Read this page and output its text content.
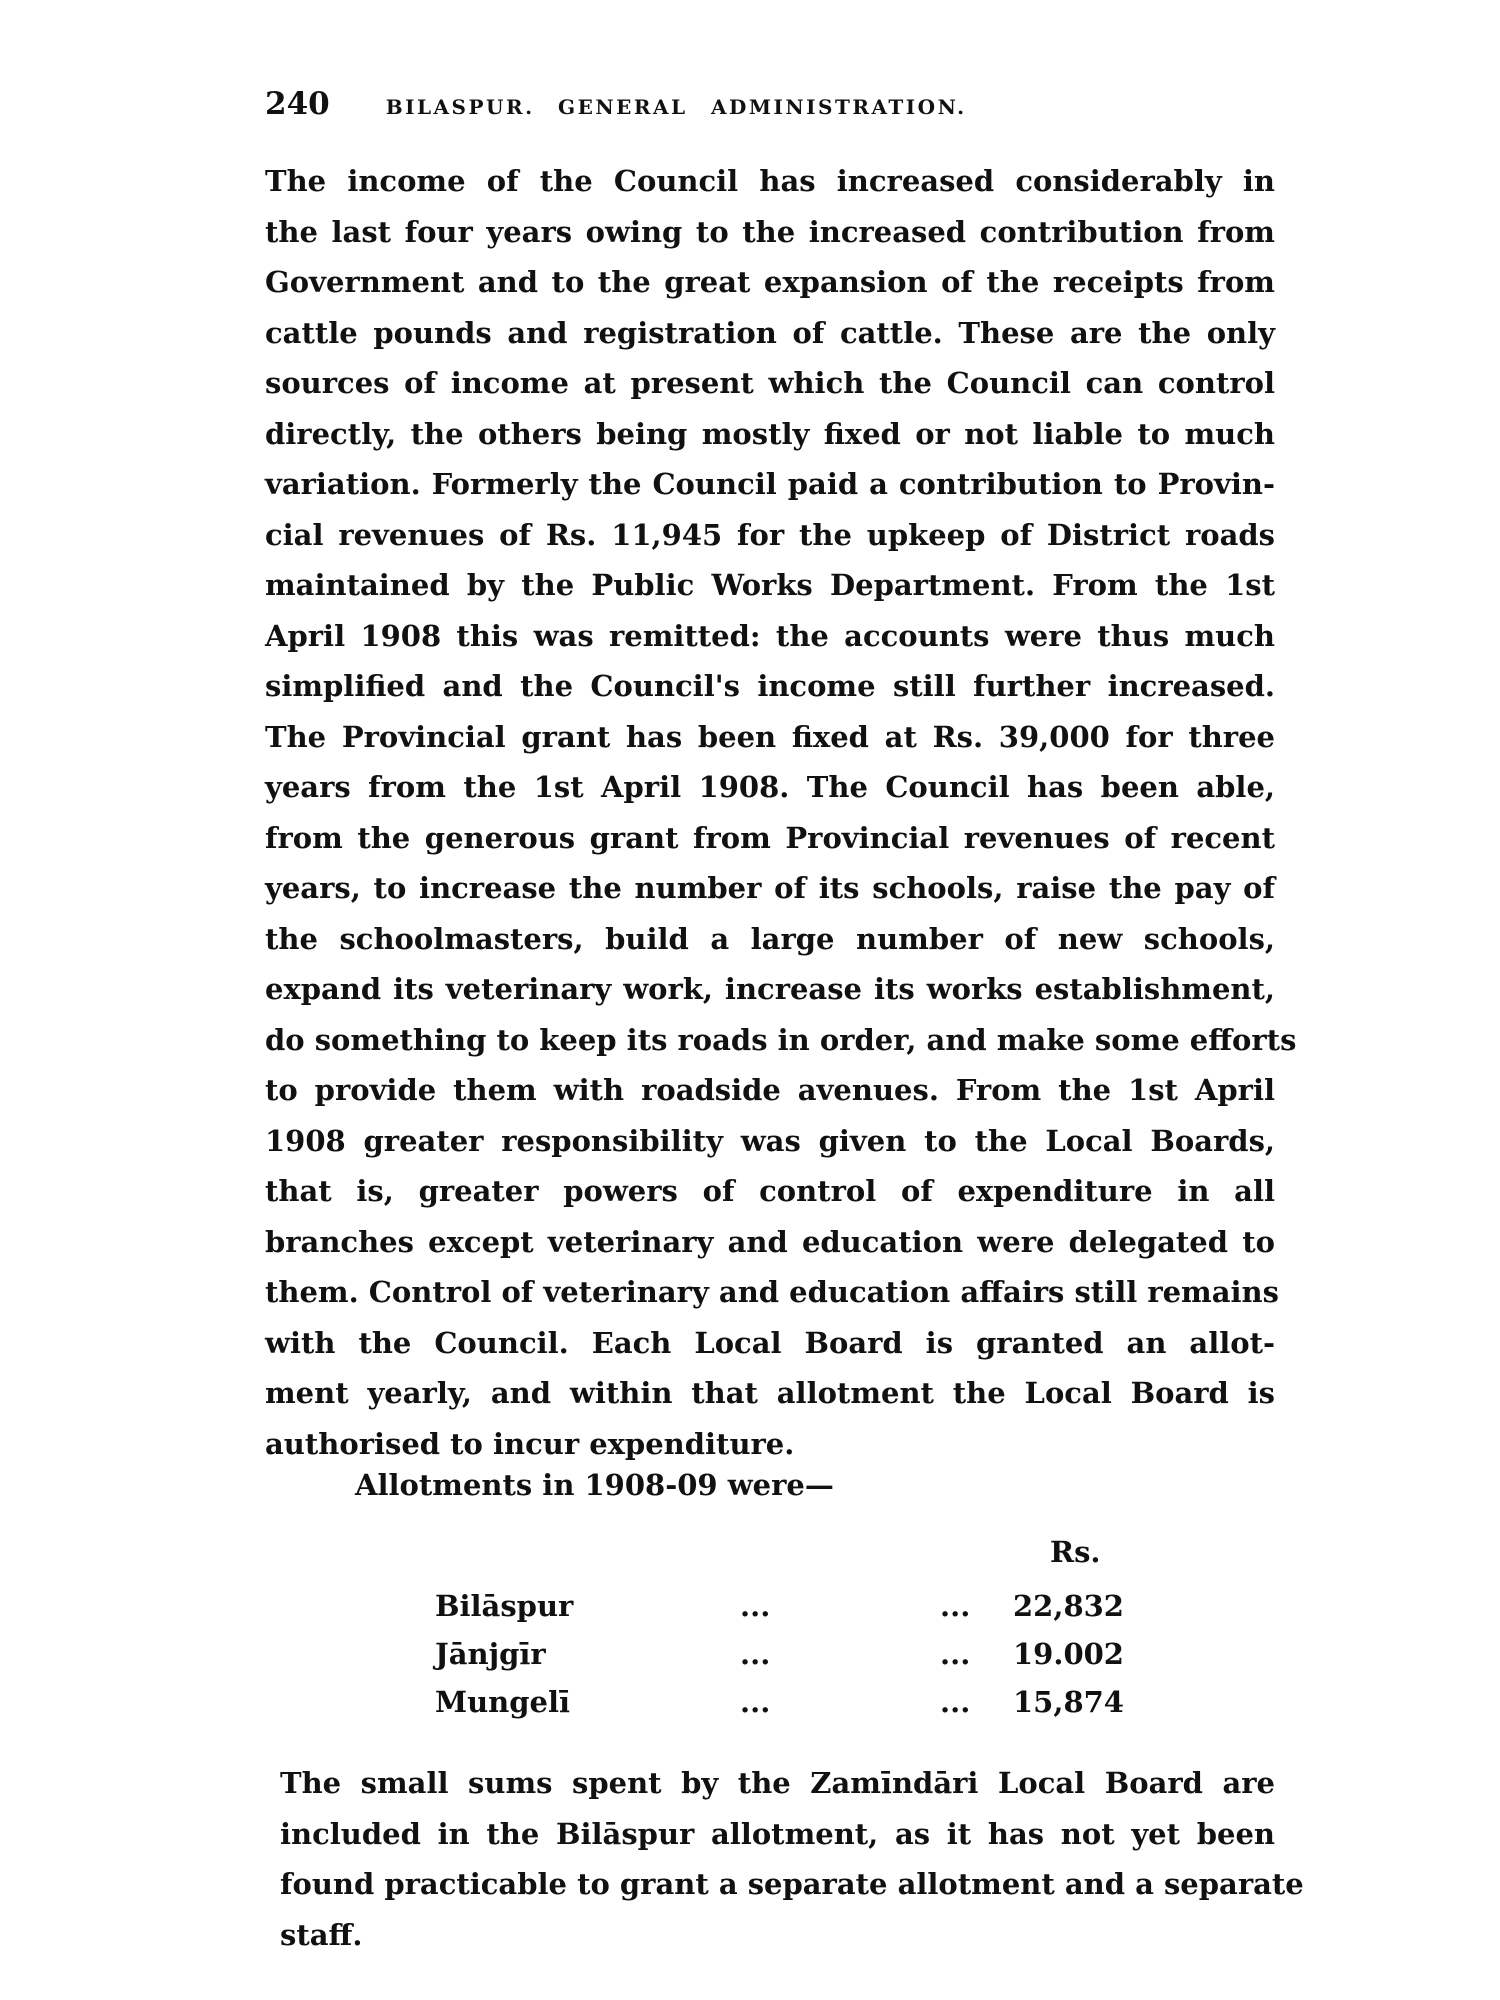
240	BILASPUR. GENERAL ADMINISTRATION.
The income of the Council has increased considerably in
the last four years owing to the increased contribution from
Government and to the great expansion of the receipts from
cattle pounds and registration of cattle. These are the only
sources of income at present which the Council can control
directly, the others being mostly fixed or not liable to much
variation. Formerly the Council paid a contribution to Provin-
cial revenues of Rs. 11,945 for the upkeep of District roads
maintained by the Public Works Department. From the 1st
April 1908 this was remitted: the accounts were thus much
simplified and the Council's income still further increased.
The Provincial grant has been fixed at Rs. 39,000 for three
years from the 1st April 1908. The Council has been able,
from the generous grant from Provincial revenues of recent
years, to increase the number of its schools, raise the pay of
the schoolmasters, build a large number of new schools,
expand its veterinary work, increase its works establishment,
do something to keep its roads in order, and make some efforts
to provide them with roadside avenues. From the 1st April
1908 greater responsibility was given to the Local Boards,
that is, greater powers of control of expenditure in all
branches except veterinary and education were delegated to
them. Control of veterinary and education affairs still remains
with the Council. Each Local Board is granted an allot-
ment yearly, and within that allotment the Local Board is
authorised to incur expenditure.
Allotments in 1908-09 were—
Rs.
Bilāspur	...	... 22,832
Jānjgīr	...	... 19.002
Mungelī	...	... 15,874
The small sums spent by the Zamīndāri Local Board are
included in the Bilāspur allotment, as it has not yet been
found practicable to grant a separate allotment and a separate
staff.
